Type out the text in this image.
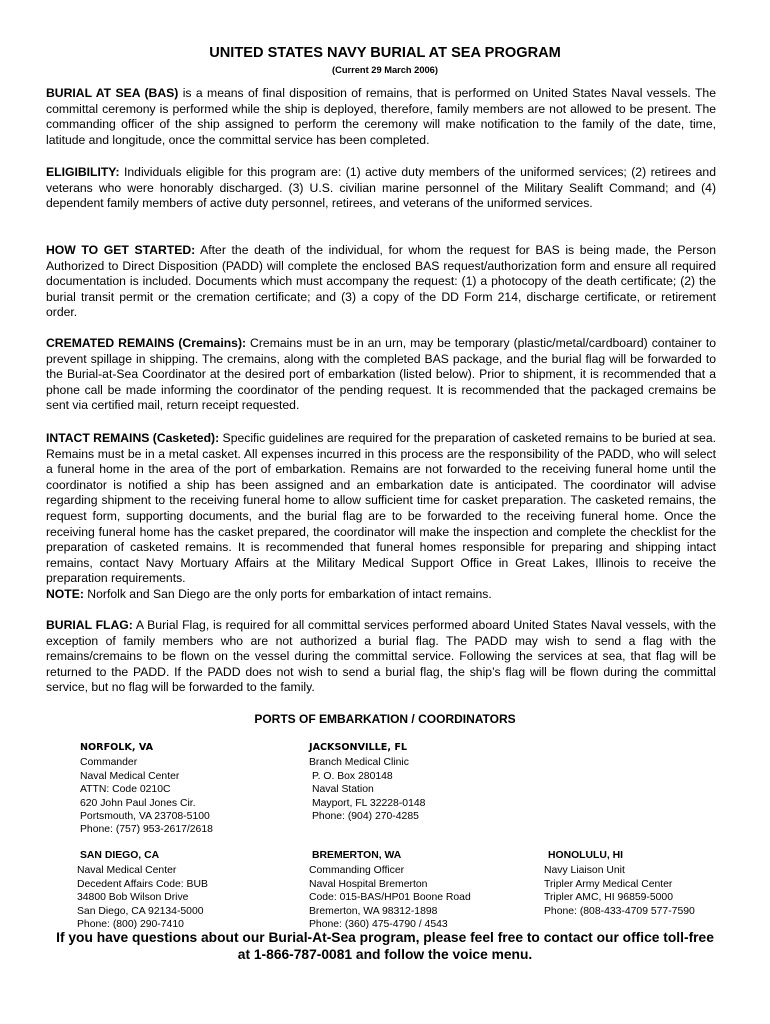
UNITED STATES NAVY BURIAL AT SEA PROGRAM
(Current 29 March 2006)
BURIAL AT SEA (BAS) is a means of final disposition of remains, that is performed on United States Naval vessels. The committal ceremony is performed while the ship is deployed, therefore, family members are not allowed to be present. The commanding officer of the ship assigned to perform the ceremony will make notification to the family of the date, time, latitude and longitude, once the committal service has been completed.
ELIGIBILITY: Individuals eligible for this program are: (1) active duty members of the uniformed services; (2) retirees and veterans who were honorably discharged. (3) U.S. civilian marine personnel of the Military Sealift Command; and (4) dependent family members of active duty personnel, retirees, and veterans of the uniformed services.
HOW TO GET STARTED: After the death of the individual, for whom the request for BAS is being made, the Person Authorized to Direct Disposition (PADD) will complete the enclosed BAS request/authorization form and ensure all required documentation is included. Documents which must accompany the request: (1) a photocopy of the death certificate; (2) the burial transit permit or the cremation certificate; and (3) a copy of the DD Form 214, discharge certificate, or retirement order.
CREMATED REMAINS (Cremains): Cremains must be in an urn, may be temporary (plastic/metal/cardboard) container to prevent spillage in shipping. The cremains, along with the completed BAS package, and the burial flag will be forwarded to the Burial-at-Sea Coordinator at the desired port of embarkation (listed below). Prior to shipment, it is recommended that a phone call be made informing the coordinator of the pending request. It is recommended that the packaged cremains be sent via certified mail, return receipt requested.
INTACT REMAINS (Casketed): Specific guidelines are required for the preparation of casketed remains to be buried at sea. Remains must be in a metal casket. All expenses incurred in this process are the responsibility of the PADD, who will select a funeral home in the area of the port of embarkation. Remains are not forwarded to the receiving funeral home until the coordinator is notified a ship has been assigned and an embarkation date is anticipated. The coordinator will advise regarding shipment to the receiving funeral home to allow sufficient time for casket preparation. The casketed remains, the request form, supporting documents, and the burial flag are to be forwarded to the receiving funeral home. Once the receiving funeral home has the casket prepared, the coordinator will make the inspection and complete the checklist for the preparation of casketed remains. It is recommended that funeral homes responsible for preparing and shipping intact remains, contact Navy Mortuary Affairs at the Military Medical Support Office in Great Lakes, Illinois to receive the preparation requirements.
NOTE: Norfolk and San Diego are the only ports for embarkation of intact remains.
BURIAL FLAG: A Burial Flag, is required for all committal services performed aboard United States Naval vessels, with the exception of family members who are not authorized a burial flag. The PADD may wish to send a flag with the remains/cremains to be flown on the vessel during the committal service. Following the services at sea, that flag will be returned to the PADD. If the PADD does not wish to send a burial flag, the ship’s flag will be flown during the committal service, but no flag will be forwarded to the family.
PORTS OF EMBARKATION / COORDINATORS
NORFOLK, VA
Commander
Naval Medical Center
ATTN: Code 0210C
620 John Paul Jones Cir.
Portsmouth, VA 23708-5100
Phone: (757) 953-2617/2618
JACKSONVILLE, FL
Branch Medical Clinic
P. O. Box 280148
Naval Station
Mayport, FL 32228-0148
Phone: (904) 270-4285
SAN DIEGO, CA
Naval Medical Center
Decedent Affairs Code: BUB
34800 Bob Wilson Drive
San Diego, CA 92134-5000
Phone: (800) 290-7410
BREMERTON, WA
Commanding Officer
Naval Hospital Bremerton
Code: 015-BAS/HP01 Boone Road
Bremerton, WA 98312-1898
Phone: (360) 475-4790 / 4543
HONOLULU, HI
Navy Liaison Unit
Tripler Army Medical Center
Tripler AMC, HI 96859-5000
Phone: (808-433-4709 577-7590
If you have questions about our Burial-At-Sea program, please feel free to contact our office toll-free
at 1-866-787-0081 and follow the voice menu.
